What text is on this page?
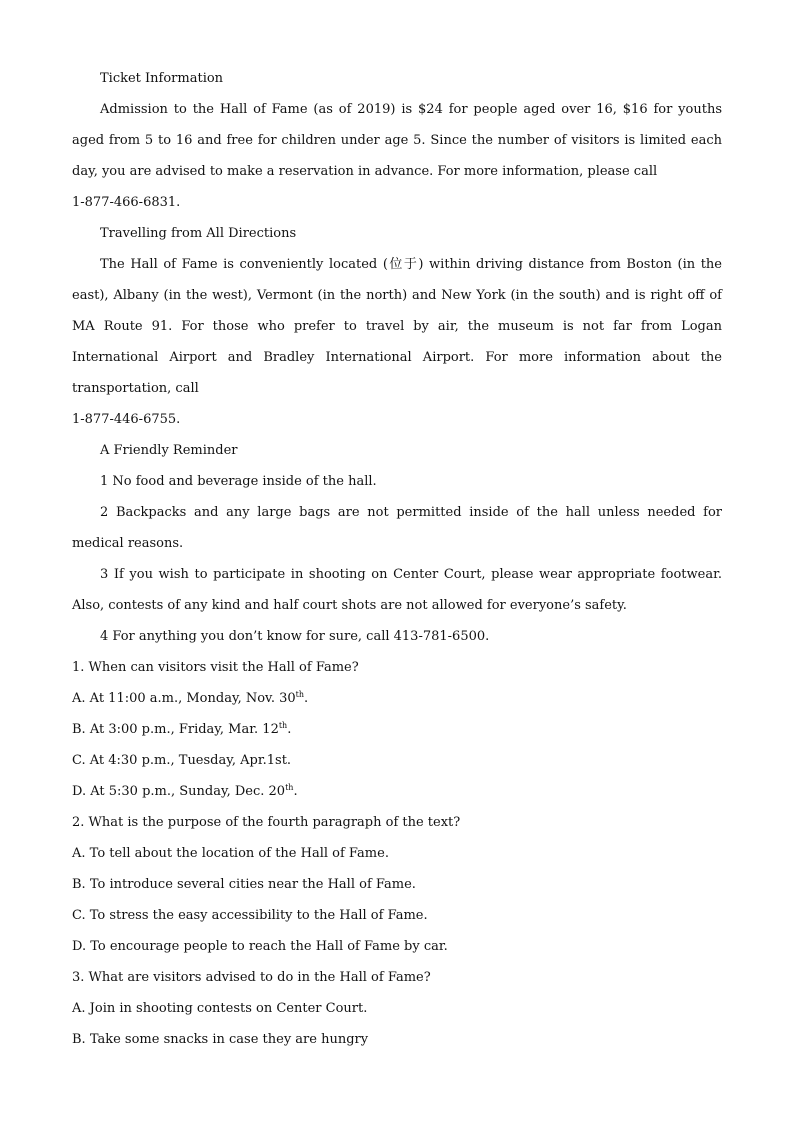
Ticket Information

Admission to the Hall of Fame (as of 2019) is $24 for people aged over 16, $16 for youths aged from 5 to 16 and free for children under age 5. Since the number of visitors is limited each day, you are advised to make a reservation in advance. For more information, please call

1-877-466-6831.

Travelling from All Directions

The Hall of Fame is conveniently located (位于) within driving distance from Boston (in the east), Albany (in the west), Vermont (in the north) and New York (in the south) and is right off of MA Route 91. For those who prefer to travel by air, the museum is not far from Logan International Airport and Bradley International Airport. For more information about the transportation, call

1-877-446-6755.

A Friendly Reminder

1 No food and beverage inside of the hall.

2 Backpacks and any large bags are not permitted inside of the hall unless needed for medical reasons.

3 If you wish to participate in shooting on Center Court, please wear appropriate footwear. Also, contests of any kind and half court shots are not allowed for everyone’s safety.

4 For anything you don’t know for sure, call 413-781-6500.

1. When can visitors visit the Hall of Fame?

A. At 11:00 a.m., Monday, Nov. 30th.

B. At 3:00 p.m., Friday, Mar. 12th.

C. At 4:30 p.m., Tuesday, Apr.1st.

D. At 5:30 p.m., Sunday, Dec. 20th.

2. What is the purpose of the fourth paragraph of the text?

A. To tell about the location of the Hall of Fame.

B. To introduce several cities near the Hall of Fame.

C. To stress the easy accessibility to the Hall of Fame.

D. To encourage people to reach the Hall of Fame by car.

3. What are visitors advised to do in the Hall of Fame?

A. Join in shooting contests on Center Court.

B. Take some snacks in case they are hungry
